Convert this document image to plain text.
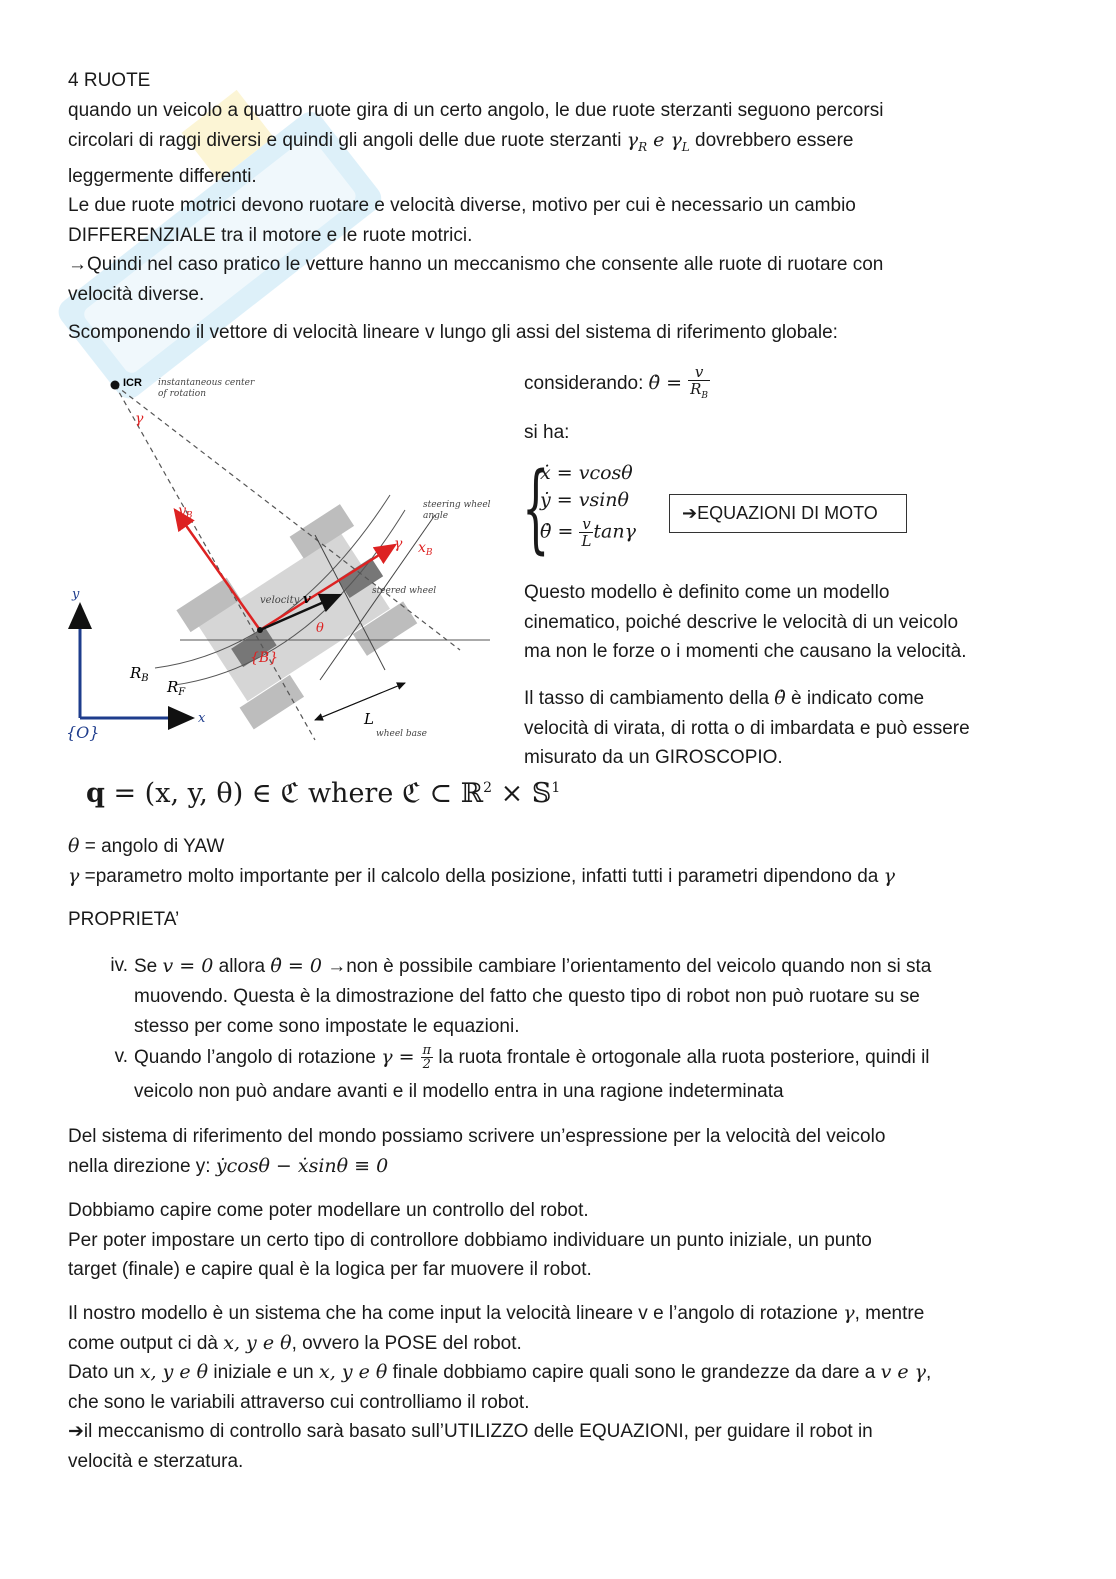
4 RUOTE

quando un veicolo a quattro ruote gira di un certo angolo, le due ruote sterzanti seguono percorsi
circolari di raggi diversi e quindi gli angoli delle due ruote sterzanti $\gamma_R$ e $\gamma_L$ dovrebbero essere
leggermente differenti.
Le due ruote motrici devono ruotare e velocità diverse, motivo per cui è necessario un cambio
DIFFERENZIALE tra il motore e le ruote motrici.
→Quindi nel caso pratico le vetture hanno un meccanismo che consente alle ruote di ruotare con
velocità diverse.

Scomponendo il vettore di velocità lineare v lungo gli assi del sistema di riferimento globale:

ICR instantaneous center
of rotation
γ
$y_B$
$x_B$
γ
steering wheel
angle
steered wheel
velocity v
θ
{B}
$R_B$ $R_F$
y
x
{O}
L
wheel base

considerando: θ̇ = $\frac{v}{R_B}$

si ha:

{
ẋ = vcosθ
ẏ = vsinθ
θ̇ = $\frac{v}{L}$ tanγ
➔EQUAZIONI DI MOTO

Questo modello è definito come un modello
cinematico, poiché descrive le velocità di un veicolo
ma non le forze o i momenti che causano la velocità.

Il tasso di cambiamento della θ̇ è indicato come
velocità di virata, di rotta o di imbardata e può essere
misurato da un GIROSCOPIO.

q = (x, y, θ) ∈ ℭ where ℭ ⊂ ℝ$^2$ × 𝕊$^1$

θ = angolo di YAW
γ =parametro molto importante per il calcolo della posizione, infatti tutti i parametri dipendono da γ

PROPRIETA’

iv. Se v = 0 allora θ̇ = 0 →non è possibile cambiare l’orientamento del veicolo quando non si sta
muovendo. Questa è la dimostrazione del fatto che questo tipo di robot non può ruotare su se
stesso per come sono impostate le equazioni.
v. Quando l’angolo di rotazione $\gamma = \frac{\pi}{2}$ la ruota frontale è ortogonale alla ruota posteriore, quindi il
veicolo non può andare avanti e il modello entra in una ragione indeterminata

Del sistema di riferimento del mondo possiamo scrivere un’espressione per la velocità del veicolo
nella direzione y: ẏcosθ − ẋsinθ ≡ 0

Dobbiamo capire come poter modellare un controllo del robot.
Per poter impostare un certo tipo di controllore dobbiamo individuare un punto iniziale, un punto
target (finale) e capire qual è la logica per far muovere il robot.

Il nostro modello è un sistema che ha come input la velocità lineare v e l’angolo di rotazione γ, mentre
come output ci dà x, y e θ, ovvero la POSE del robot.
Dato un x, y e θ iniziale e un x, y e θ finale dobbiamo capire quali sono le grandezze da dare a v e γ,
che sono le variabili attraverso cui controlliamo il robot.
➔il meccanismo di controllo sarà basato sull’UTILIZZO delle EQUAZIONI, per guidare il robot in
velocità e sterzatura.
